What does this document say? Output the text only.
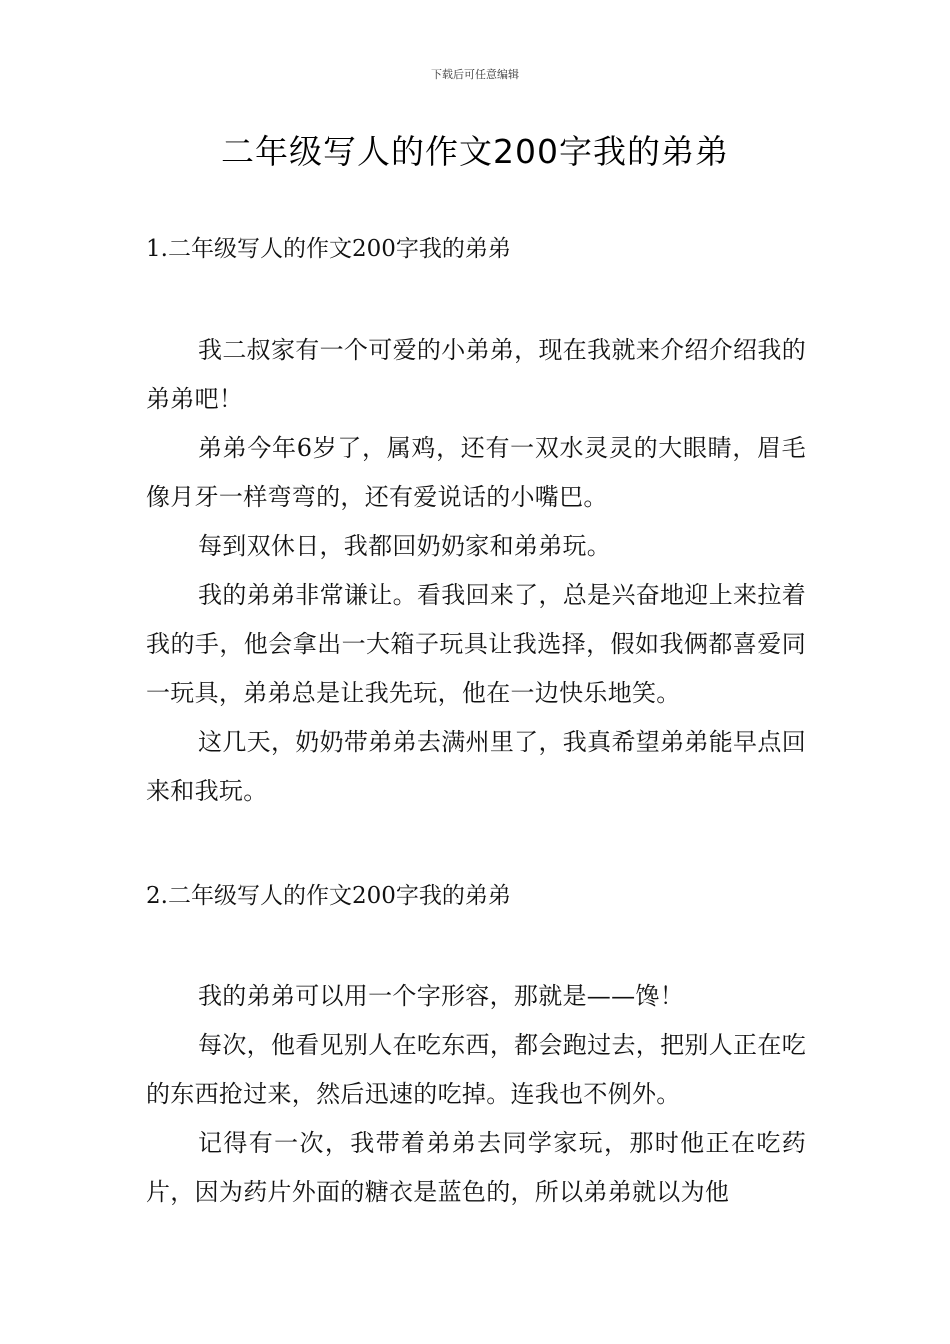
下载后可任意编辑
二年级写人的作文200字我的弟弟
1.二年级写人的作文200字我的弟弟

我二叔家有一个可爱的小弟弟，现在我就来介绍介绍我的弟弟吧！

弟弟今年6岁了，属鸡，还有一双水灵灵的大眼睛，眉毛像月牙一样弯弯的，还有爱说话的小嘴巴。

每到双休日，我都回奶奶家和弟弟玩。

我的弟弟非常谦让。看我回来了，总是兴奋地迎上来拉着我的手，他会拿出一大箱子玩具让我选择，假如我俩都喜爱同一玩具，弟弟总是让我先玩，他在一边快乐地笑。

这几天，奶奶带弟弟去满州里了，我真希望弟弟能早点回来和我玩。

2.二年级写人的作文200字我的弟弟

我的弟弟可以用一个字形容，那就是——馋！

每次，他看见别人在吃东西，都会跑过去，把别人正在吃的东西抢过来，然后迅速的吃掉。连我也不例外。

记得有一次，我带着弟弟去同学家玩，那时他正在吃药片，因为药片外面的糖衣是蓝色的，所以弟弟就以为他
